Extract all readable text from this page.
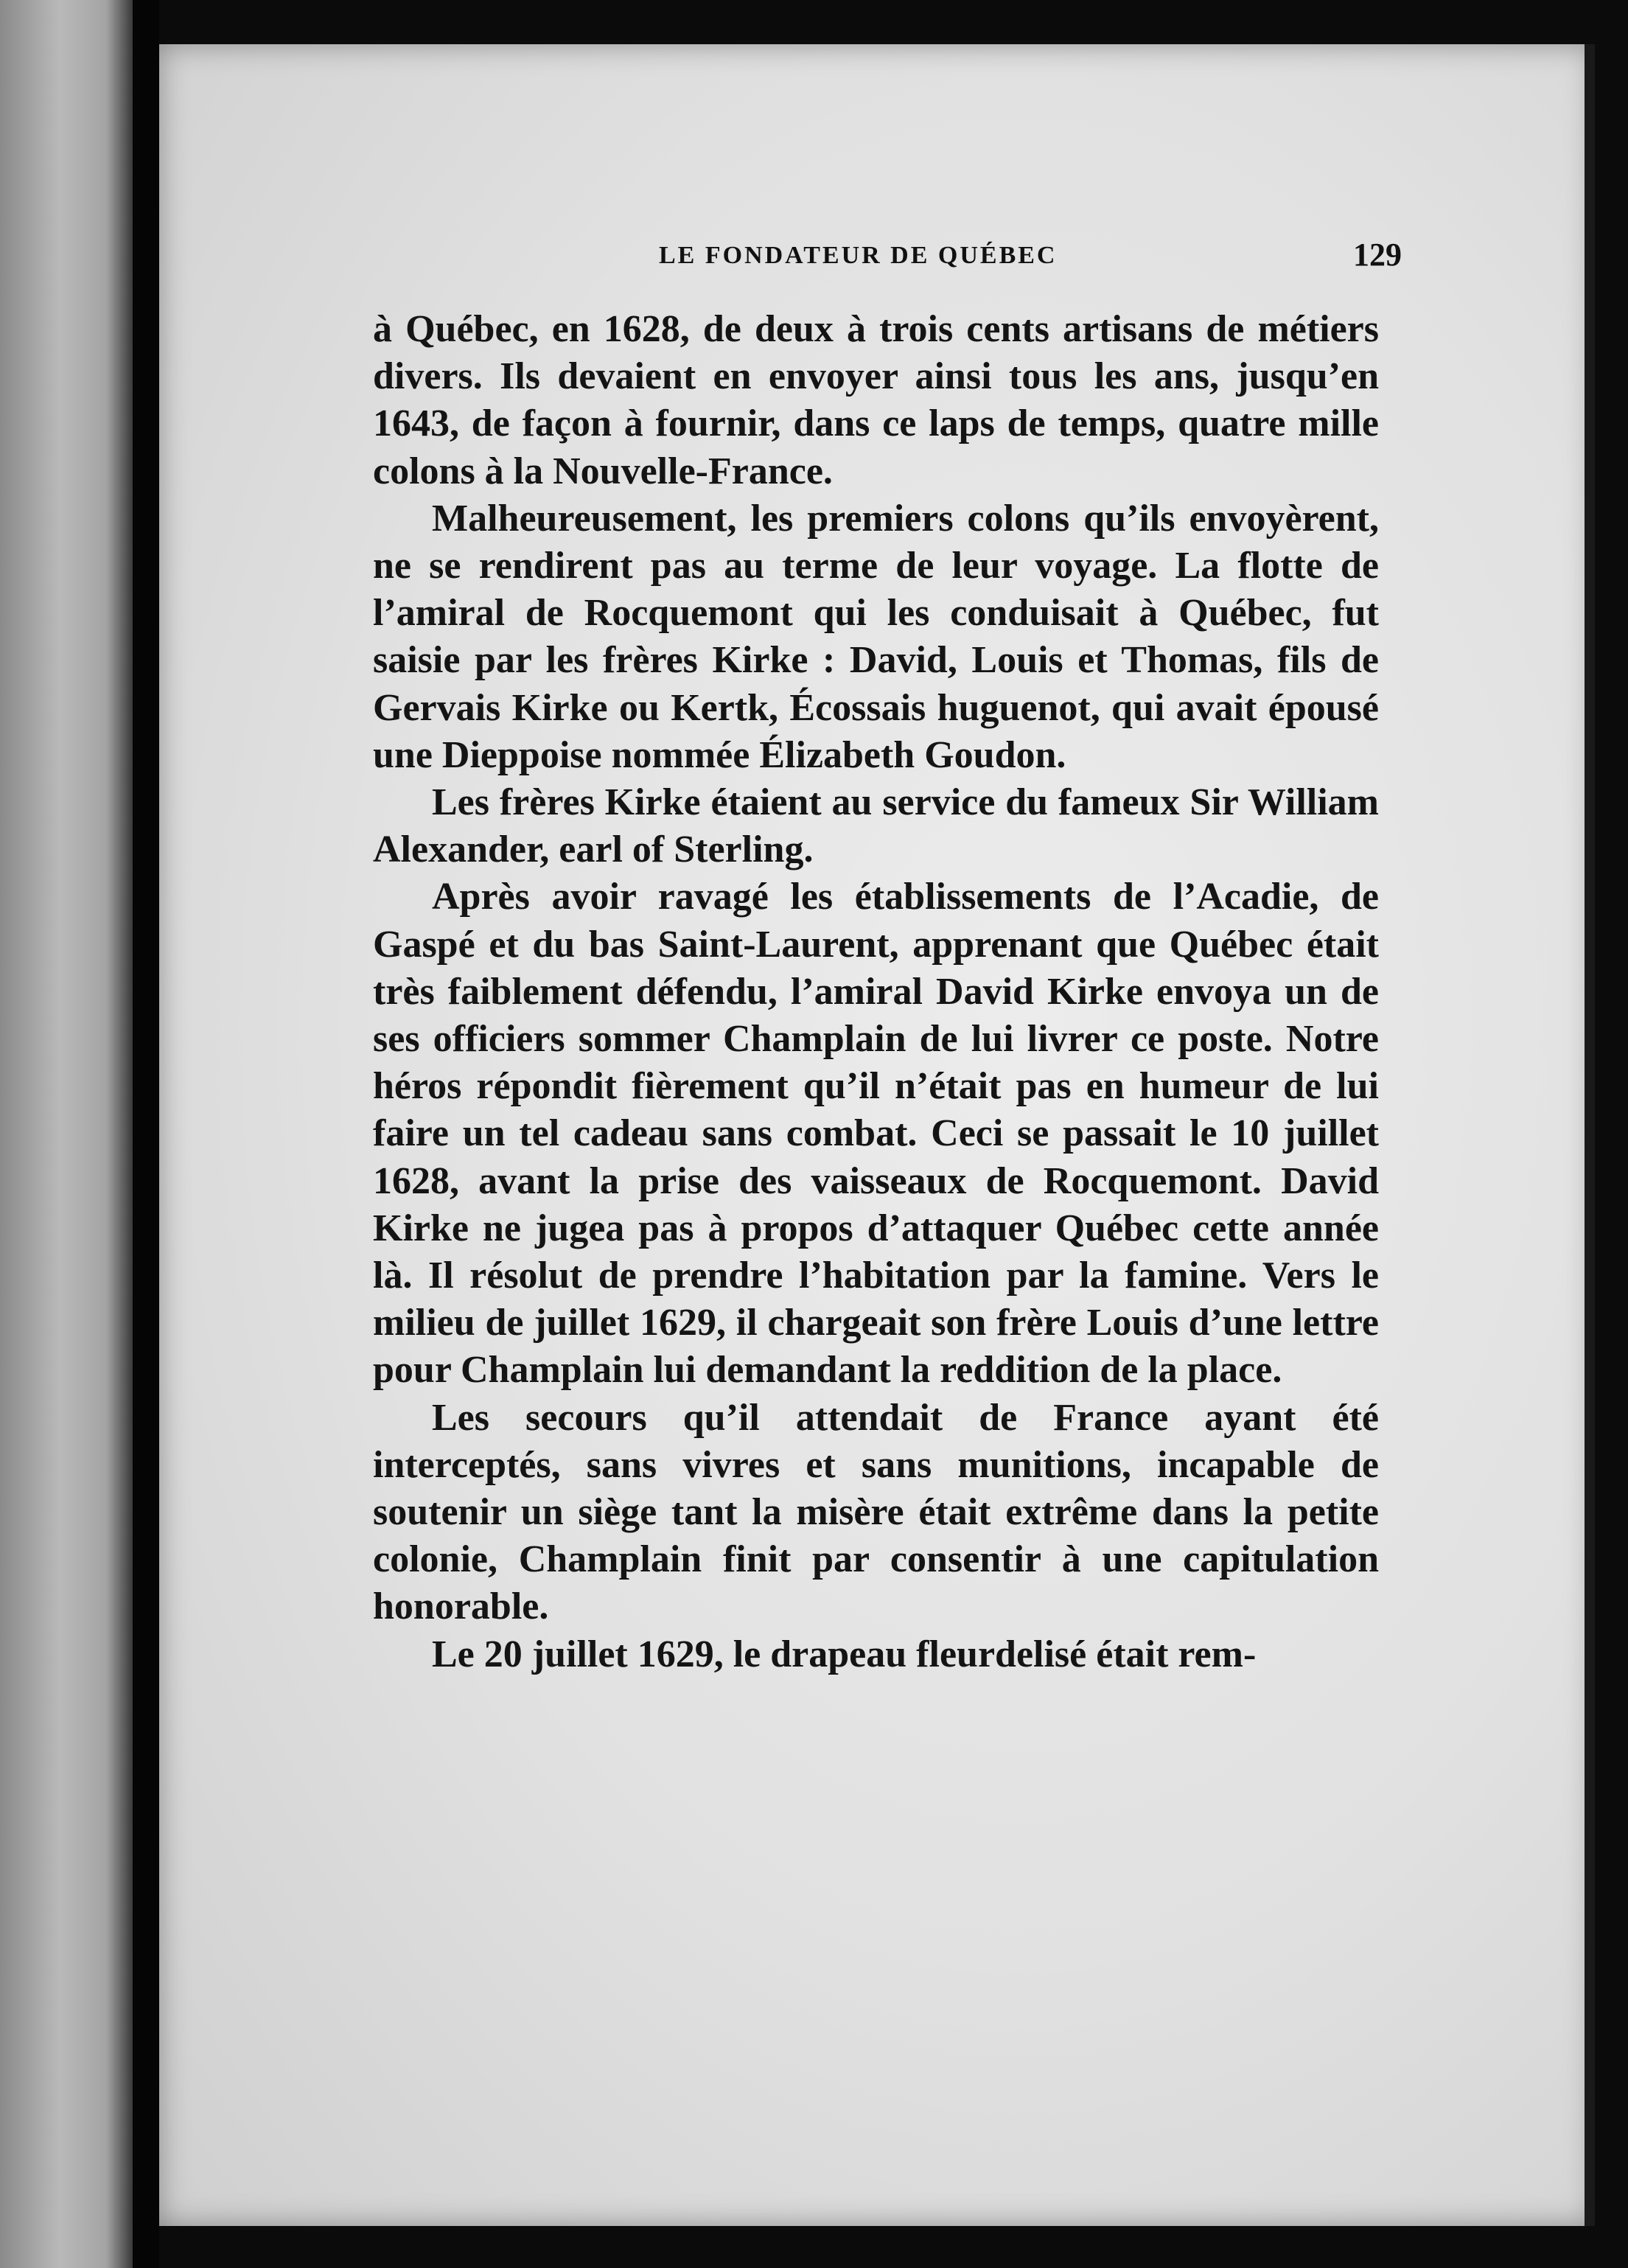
LE FONDATEUR DE QUÉBEC	129

à Québec, en 1628, de deux à trois cents artisans de métiers divers. Ils devaient en envoyer ainsi tous les ans, jusqu’en 1643, de façon à fournir, dans ce laps de temps, quatre mille colons à la Nouvelle-France.

Malheureusement, les premiers colons qu’ils envoyèrent, ne se rendirent pas au terme de leur voyage. La flotte de l’amiral de Rocquemont qui les conduisait à Québec, fut saisie par les frères Kirke : David, Louis et Thomas, fils de Gervais Kirke ou Kertk, Écossais huguenot, qui avait épousé une Dieppoise nommée Élizabeth Goudon.

Les frères Kirke étaient au service du fameux Sir William Alexander, earl of Sterling.

Après avoir ravagé les établissements de l’Acadie, de Gaspé et du bas Saint-Laurent, apprenant que Québec était très faiblement défendu, l’amiral David Kirke envoya un de ses officiers sommer Champlain de lui livrer ce poste. Notre héros répondit fièrement qu’il n’était pas en humeur de lui faire un tel cadeau sans combat. Ceci se passait le 10 juillet 1628, avant la prise des vaisseaux de Rocquemont. David Kirke ne jugea pas à propos d’attaquer Québec cette année là. Il résolut de prendre l’habitation par la famine. Vers le milieu de juillet 1629, il chargeait son frère Louis d’une lettre pour Champlain lui demandant la reddition de la place.

Les secours qu’il attendait de France ayant été interceptés, sans vivres et sans munitions, incapable de soutenir un siège tant la misère était extrême dans la petite colonie, Champlain finit par consentir à une capitulation honorable.

Le 20 juillet 1629, le drapeau fleurdelisé était rem-
